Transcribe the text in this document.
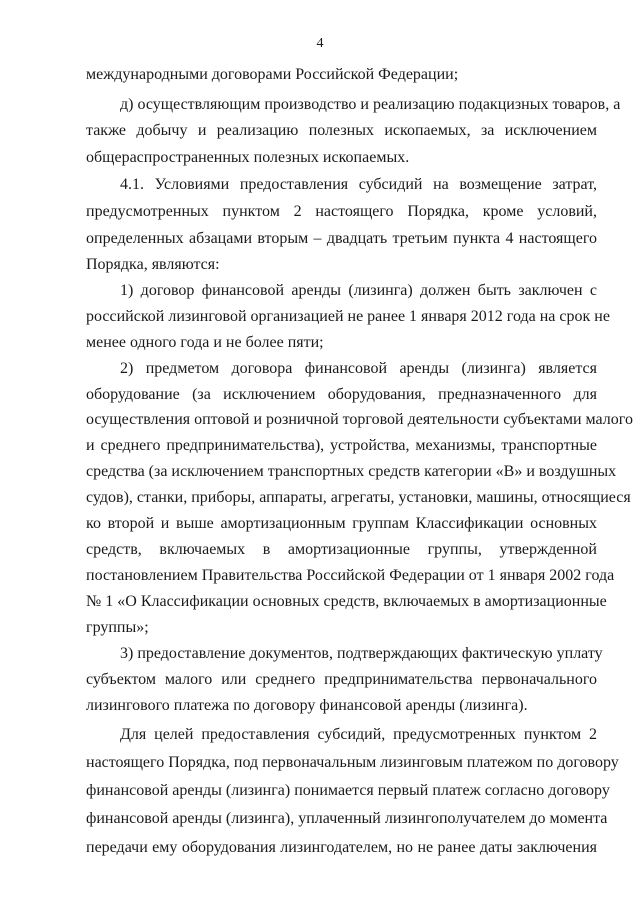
4
международными договорами Российской Федерации;
д) осуществляющим производство и реализацию подакцизных товаров, а
также добычу и реализацию полезных ископаемых, за исключением
общераспространенных полезных ископаемых.
4.1. Условиями предоставления субсидий на возмещение затрат,
предусмотренных пунктом 2 настоящего Порядка, кроме условий,
определенных абзацами вторым – двадцать третьим пункта 4 настоящего
Порядка, являются:
1) договор финансовой аренды (лизинга) должен быть заключен с
российской лизинговой организацией не ранее 1 января 2012 года на срок не
менее одного года и не более пяти;
2) предметом договора финансовой аренды (лизинга) является
оборудование (за исключением оборудования, предназначенного для
осуществления оптовой и розничной торговой деятельности субъектами малого
и среднего предпринимательства), устройства, механизмы, транспортные
средства (за исключением транспортных средств категории «В» и воздушных
судов), станки, приборы, аппараты, агрегаты, установки, машины, относящиеся
ко второй и выше амортизационным группам Классификации основных
средств, включаемых в амортизационные группы, утвержденной
постановлением Правительства Российской Федерации от 1 января 2002 года
№ 1 «О Классификации основных средств, включаемых в амортизационные
группы»;
3) предоставление документов, подтверждающих фактическую уплату
субъектом малого или среднего предпринимательства первоначального
лизингового платежа по договору финансовой аренды (лизинга).
Для целей предоставления субсидий, предусмотренных пунктом 2
настоящего Порядка, под первоначальным лизинговым платежом по договору
финансовой аренды (лизинга) понимается первый платеж согласно договору
финансовой аренды (лизинга), уплаченный лизингополучателем до момента
передачи ему оборудования лизингодателем, но не ранее даты заключения
